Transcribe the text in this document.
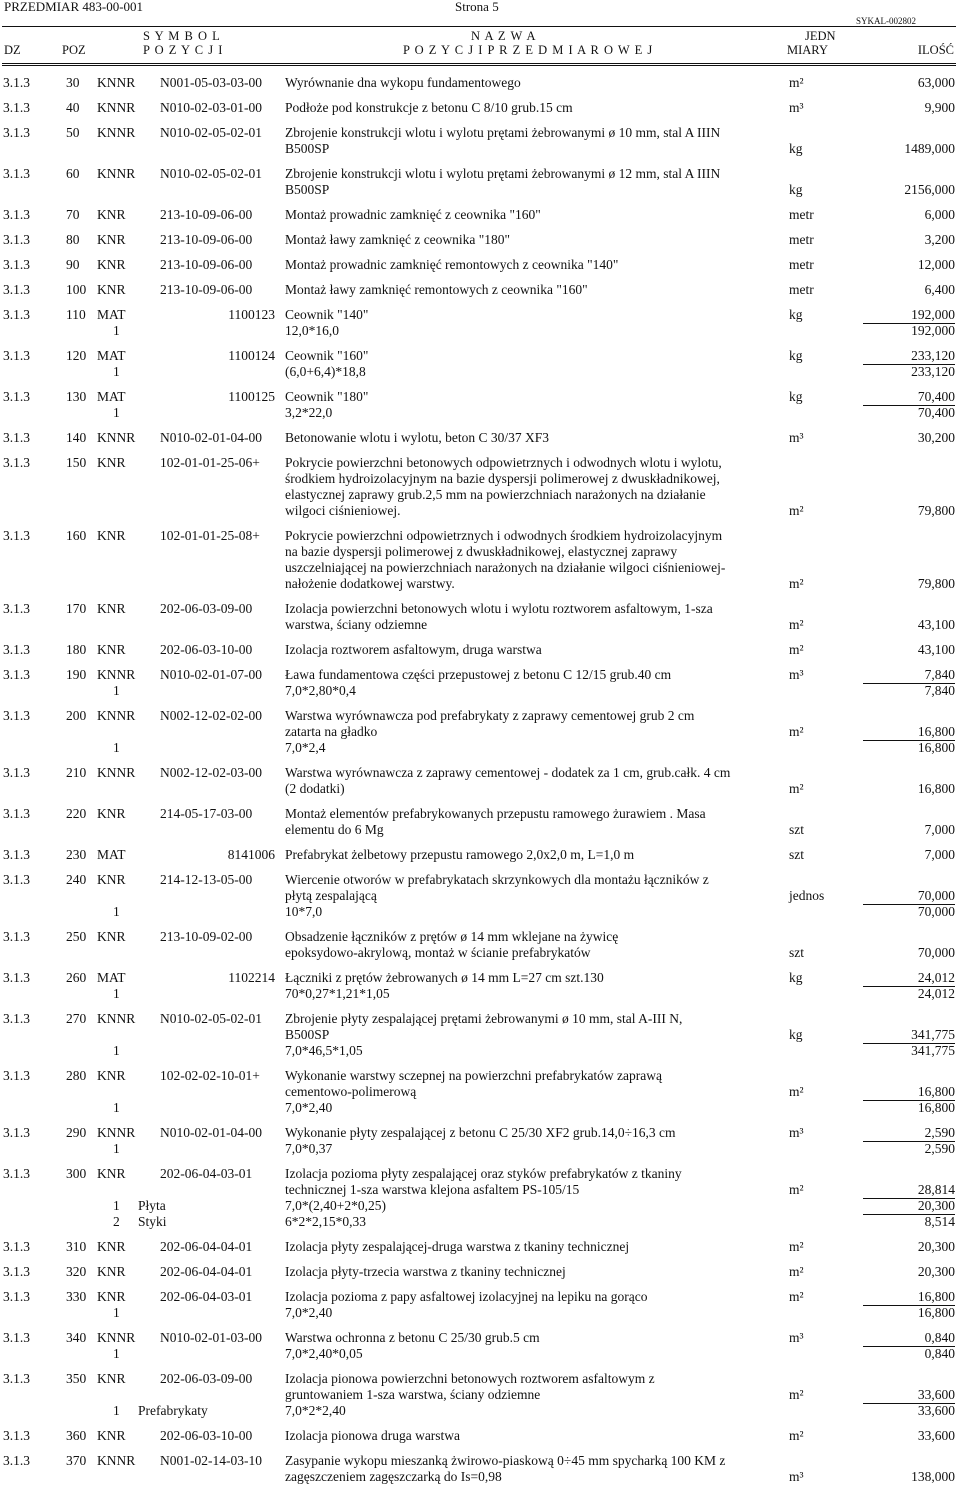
PRZEDMIAR 483-00-001	Strona 5
SYKAL-002802
S Y M B O L	N A Z W A	JEDN
DZ	POZ	P O Z Y C J I	P O Z Y C J I P R Z E D M I A R O W E J	MIARY	ILOŚĆ
3.1.3	30 KNNR N001-05-03-03-00 Wyrównanie dna wykopu fundamentowego	m²	63,000
3.1.3	40 KNNR N010-02-03-01-00 Podłoże pod konstrukcje z betonu C 8/10 grub.15 cm	m³	9,900
3.1.3	50 KNNR N010-02-05-02-01 Zbrojenie konstrukcji wlotu i wylotu prętami żebrowanymi ø 10 mm, stal A IIIN
B500SP	kg	1489,000
3.1.3	60 KNNR N010-02-05-02-01 Zbrojenie konstrukcji wlotu i wylotu prętami żebrowanymi ø 12 mm, stal A IIIN
B500SP	kg	2156,000
3.1.3	70 KNR	213-10-09-06-00 Montaż prowadnic zamknięć z ceownika "160"	metr	6,000
3.1.3	80 KNR	213-10-09-06-00 Montaż ławy zamknięć z ceownika "180"	metr	3,200
3.1.3	90 KNR	213-10-09-06-00 Montaż prowadnic zamknięć remontowych z ceownika "140"	metr	12,000
3.1.3	100 KNR	213-10-09-06-00 Montaż ławy zamknięć remontowych z ceownika "160"	metr	6,400
3.1.3	110 MAT	1100123 Ceownik "140"	kg	192,000
1	12,0*16,0	192,000
3.1.3	120 MAT	1100124 Ceownik "160"	kg	233,120
1	(6,0+6,4)*18,8	233,120
3.1.3	130 MAT	1100125 Ceownik "180"	kg	70,400
1	3,2*22,0	70,400
3.1.3	140 KNNR N010-02-01-04-00 Betonowanie wlotu i wylotu, beton C 30/37 XF3	m³	30,200
3.1.3	150 KNR	102-01-01-25-06+ Pokrycie powierzchni betonowych odpowietrznych i odwodnych wlotu i wylotu,
środkiem hydroizolacyjnym na bazie dyspersji polimerowej z dwuskładnikowej,
elastycznej zaprawy grub.2,5 mm na powierzchniach narażonych na działanie
wilgoci ciśnieniowej.	m²	79,800
3.1.3	160 KNR	102-01-01-25-08+ Pokrycie powierzchni odpowietrznych i odwodnych środkiem hydroizolacyjnym
na bazie dyspersji polimerowej z dwuskładnikowej, elastycznej zaprawy
uszczelniającej na powierzchniach narażonych na działanie wilgoci ciśnieniowej-
nałożenie dodatkowej warstwy.	m²	79,800
3.1.3	170 KNR	202-06-03-09-00 Izolacja powierzchni betonowych wlotu i wylotu roztworem asfaltowym, 1-sza
warstwa, ściany odziemne	m²	43,100
3.1.3	180 KNR	202-06-03-10-00 Izolacja roztworem asfaltowym, druga warstwa	m²	43,100
3.1.3	190 KNNR N010-02-01-07-00 Ława fundamentowa części przepustowej z betonu C 12/15 grub.40 cm	m³	7,840
1	7,0*2,80*0,4	7,840
3.1.3	200 KNNR N002-12-02-02-00 Warstwa wyrównawcza pod prefabrykaty z zaprawy cementowej grub 2 cm
zatarta na gładko	m²	16,800
1	7,0*2,4	16,800
3.1.3	210 KNNR N002-12-02-03-00 Warstwa wyrównawcza z zaprawy cementowej - dodatek za 1 cm, grub.całk. 4 cm
(2 dodatki)	m²	16,800
3.1.3	220 KNR	214-05-17-03-00 Montaż elementów prefabrykowanych przepustu ramowego żurawiem . Masa
elementu do 6 Mg	szt	7,000
3.1.3	230 MAT	8141006 Prefabrykat żelbetowy przepustu ramowego 2,0x2,0 m, L=1,0 m	szt	7,000
3.1.3	240 KNR	214-12-13-05-00 Wiercenie otworów w prefabrykatach skrzynkowych dla montażu łączników z
płytą zespalającą	jednos	70,000
1	10*7,0	70,000
3.1.3	250 KNR	213-10-09-02-00 Obsadzenie łączników z prętów ø 14 mm wklejane na żywicę
epoksydowo-akrylową, montaż w ścianie prefabrykatów	szt	70,000
3.1.3	260 MAT	1102214 Łączniki z prętów żebrowanych ø 14 mm L=27 cm szt.130	kg	24,012
1	70*0,27*1,21*1,05	24,012
3.1.3	270 KNNR N010-02-05-02-01 Zbrojenie płyty zespalającej prętami żebrowanymi ø 10 mm, stal A-III N,
B500SP	kg	341,775
1	7,0*46,5*1,05	341,775
3.1.3	280 KNR	102-02-02-10-01+ Wykonanie warstwy sczepnej na powierzchni prefabrykatów zaprawą
cementowo-polimerową	m²	16,800
1	7,0*2,40	16,800
3.1.3	290 KNNR N010-02-01-04-00 Wykonanie płyty zespalającej z betonu C 25/30 XF2 grub.14,0÷16,3 cm	m³	2,590
1	7,0*0,37	2,590
3.1.3	300 KNR	202-06-04-03-01 Izolacja pozioma płyty zespalającej oraz styków prefabrykatów z tkaniny
technicznej 1-sza warstwa klejona asfaltem PS-105/15	m²	28,814
1 Płyta	7,0*(2,40+2*0,25)	20,300
2 Styki	6*2*2,15*0,33	8,514
3.1.3	310 KNR	202-06-04-04-01 Izolacja płyty zespalającej-druga warstwa z tkaniny technicznej	m²	20,300
3.1.3	320 KNR	202-06-04-04-01 Izolacja płyty-trzecia warstwa z tkaniny technicznej	m²	20,300
3.1.3	330 KNR	202-06-04-03-01 Izolacja pozioma z papy asfaltowej izolacyjnej na lepiku na gorąco	m²	16,800
1	7,0*2,40	16,800
3.1.3	340 KNNR N010-02-01-03-00 Warstwa ochronna z betonu C 25/30 grub.5 cm	m³	0,840
1	7,0*2,40*0,05	0,840
3.1.3	350 KNR	202-06-03-09-00 Izolacja pionowa powierzchni betonowych roztworem asfaltowym z
gruntowaniem 1-sza warstwa, ściany odziemne	m²	33,600
1 Prefabrykaty	7,0*2*2,40	33,600
3.1.3	360 KNR	202-06-03-10-00 Izolacja pionowa druga warstwa	m²	33,600
3.1.3	370 KNNR N001-02-14-03-10 Zasypanie wykopu mieszanką żwirowo-piaskową 0÷45 mm spycharką 100 KM z
zagęszczeniem zagęszczarką do Is=0,98	m³	138,000
